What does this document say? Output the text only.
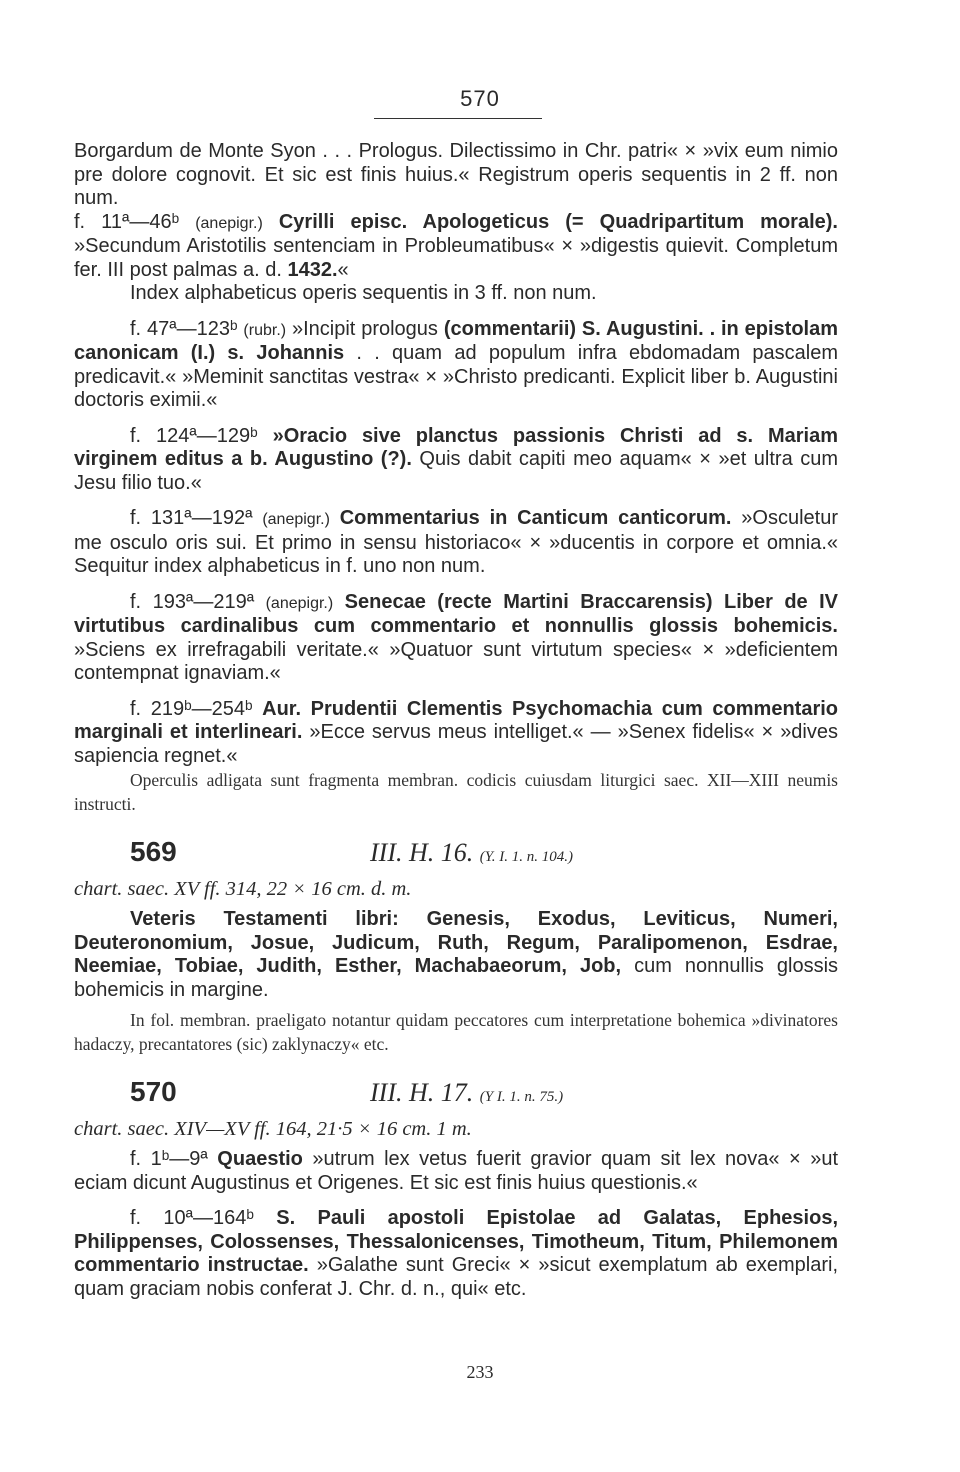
570

Borgardum de Monte Syon . . . Prologus. Dilectissimo in Chr. patri« × »vix eum nimio pre dolore cognovit. Et sic est finis huius.« Registrum operis sequentis in 2 ff. non num.

f. 11ª—46ᵇ (anepigr.) Cyrilli episc. Apologeticus (= Quadripartitum morale). »Secundum Aristotilis sentenciam in Probleumatibus« × »digestis quievit. Completum fer. III post palmas a. d. 1432.«

Index alphabeticus operis sequentis in 3 ff. non num.

f. 47ª—123ᵇ (rubr.) »Incipit prologus (commentarii) S. Augustini. . in epistolam canonicam (I.) s. Johannis . . quam ad populum infra ebdomadam pascalem predicavit.« »Meminit sanctitas vestra« × »Christo predicanti. Explicit liber b. Augustini doctoris eximii.«

f. 124ª—129ᵇ »Oracio sive planctus passionis Christi ad s. Mariam virginem editus a b. Augustino (?). Quis dabit capiti meo aquam« × »et ultra cum Jesu filio tuo.«

f. 131ª—192ª (anepigr.) Commentarius in Canticum canticorum. »Osculetur me osculo oris sui. Et primo in sensu historiaco« × »ducentis in corpore et omnia.« Sequitur index alphabeticus in f. uno non num.

f. 193ª—219ª (anepigr.) Senecae (recte Martini Braccarensis) Liber de IV virtutibus cardinalibus cum commentario et nonnullis glossis bohemicis. »Sciens ex irrefragabili veritate.« »Quatuor sunt virtutum species« × »deficientem contempnat ignaviam.«

f. 219ᵇ—254ᵇ Aur. Prudentii Clementis Psychomachia cum commentario marginali et interlineari. »Ecce servus meus intelliget.« — »Senex fidelis« × »dives sapiencia regnet.«

Operculis adligata sunt fragmenta membran. codicis cuiusdam liturgici saec. XII—XIII neumis instructi.

569	III. H. 16. (Y. I. 1. n. 104.)
chart. saec. XV ff. 314, 22 × 16 cm. d. m.

Veteris Testamenti libri: Genesis, Exodus, Leviticus, Numeri, Deuteronomium, Josue, Judicum, Ruth, Regum, Paralipomenon, Esdrae, Neemiae, Tobiae, Judith, Esther, Machabaeorum, Job, cum nonnullis glossis bohemicis in margine.

In fol. membran. praeligato notantur quidam peccatores cum interpretatione bohemica »divinatores hadaczy, precantatores (sic) zaklynaczy« etc.

570	III. H. 17. (Y I. 1. n. 75.)
chart. saec. XIV—XV ff. 164, 21·5 × 16 cm. 1 m.

f. 1ᵇ—9ª Quaestio »utrum lex vetus fuerit gravior quam sit lex nova« × »ut eciam dicunt Augustinus et Origenes. Et sic est finis huius questionis.«

f. 10ª—164ᵇ S. Pauli apostoli Epistolae ad Galatas, Ephesios, Philippenses, Colossenses, Thessalonicenses, Timotheum, Titum, Philemonem commentario instructae. »Galathe sunt Greci« × »sicut exemplatum ab exemplari, quam graciam nobis conferat J. Chr. d. n., qui« etc.

233
